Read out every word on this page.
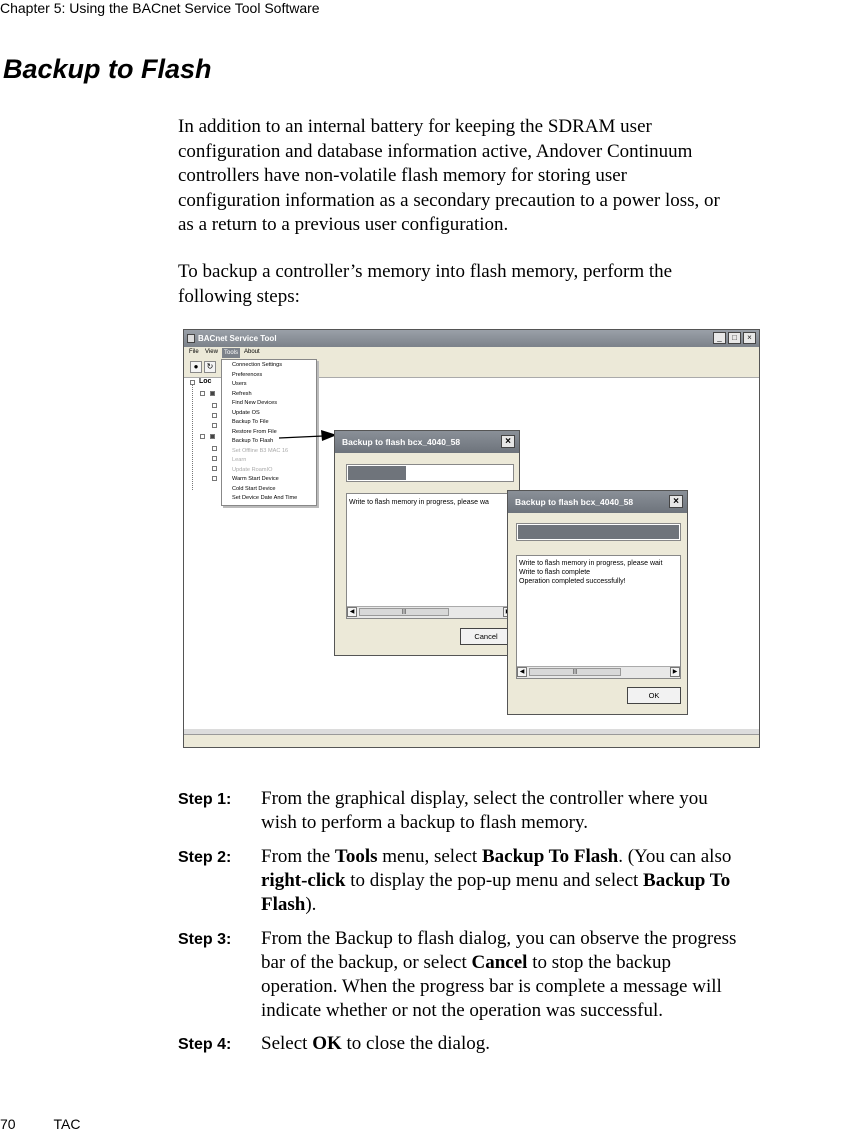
Chapter 5: Using the BACnet Service Tool Software
Backup to Flash
In addition to an internal battery for keeping the SDRAM user
configuration and database information active, Andover Continuum
controllers have non-volatile flash memory for storing user
configuration information as a secondary precaution to a power loss, or
as a return to a previous user configuration.
To backup a controller’s memory into flash memory, perform the
following steps:
BACnet Service Tool	_	□	×
File View	Tools About
●	↻
Loc
Connection Settings
Preferences
Users
Refresh
Find New Devices
Update OS
Backup To File
Restore From File
Backup To Flash
Set Offline B3 MAC 16
Learn
Update RoamIO
Warm Start Device
Cold Start Device
Set Device Date And Time
Backup to flash bcx_4040_58	×
Write to flash memory in progress, please wa
◀	|||
Cancel
Backup to flash bcx_4040_58	×
Write to flash memory in progress, please wait
Write to flash complete
Operation completed successfully!
◀	|||	▶
OK
Step 1: From the graphical display, select the controller where you
wish to perform a backup to flash memory.
Step 2: From the Tools menu, select Backup To Flash. (You can also
right-click to display the pop-up menu and select Backup To
Flash).
Step 3: From the Backup to flash dialog, you can observe the progress
bar of the backup, or select Cancel to stop the backup
operation. When the progress bar is complete a message will
indicate whether or not the operation was successful.
Step 4: Select OK to close the dialog.
70	TAC
